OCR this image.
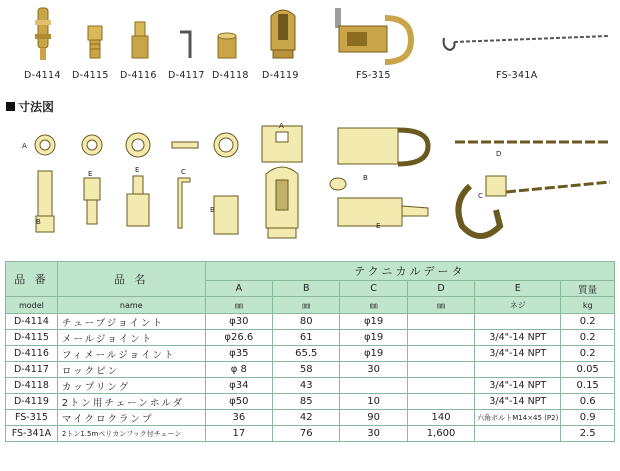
D-4114 D-4115 D-4116 D-4117 D-4118 D-4119	FS-315	FS-341A
寸法図
A
B
E	E	C
B
A
B
E
D
C
品 番	品 名	テクニカルデータ					
		A	B	C	D	E	質量
model	name	㎜	㎜	㎜	㎜	ネジ	kg
D-4114	チューブジョイント	φ30	80	φ19			0.2
D-4115	メールジョイント	φ26.6	61	φ19		3/4"-14 NPT	0.2
D-4116	フィメールジョイント	φ35	65.5	φ19		3/4"-14 NPT	0.2
D-4117	ロックピン	φ 8	58	30			0.05
D-4118	カップリング	φ34	43			3/4"-14 NPT	0.15
D-4119	2トン用チェーンホルダ	φ50	85	10		3/4"-14 NPT	0.6
FS-315	マイクロクランプ	36	42	90	140	六角ボルトM14×45 (P2)	0.9
FS-341A	2トン1.5mペリカンフック付チェーン	17	76	30	1,600		2.5
